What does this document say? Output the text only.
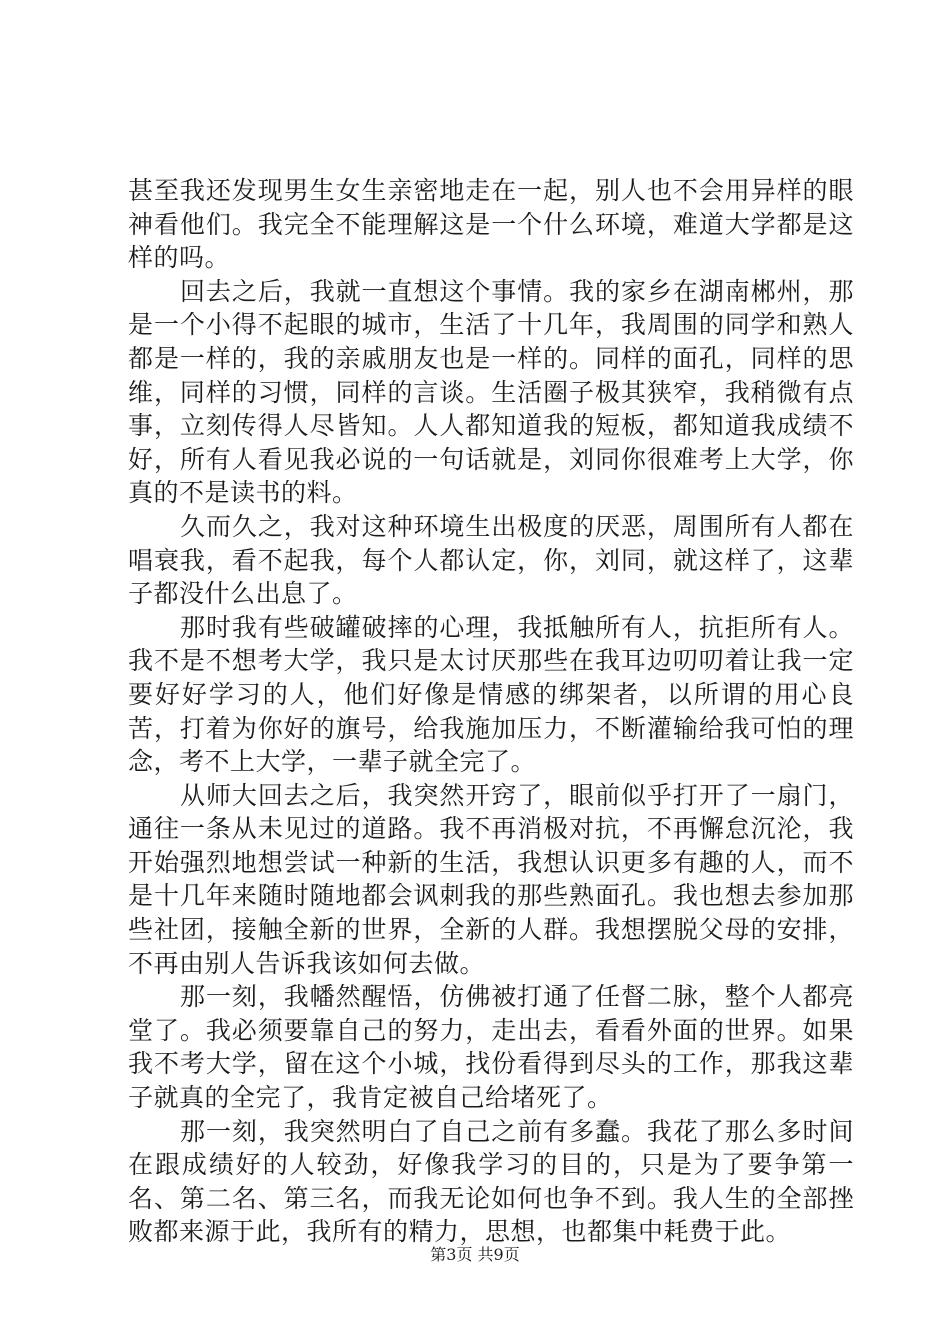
甚至我还发现男生女生亲密地走在一起，别人也不会用异样的眼神看他们。我完全不能理解这是一个什么环境，难道大学都是这样的吗。

回去之后，我就一直想这个事情。我的家乡在湖南郴州，那是一个小得不起眼的城市，生活了十几年，我周围的同学和熟人都是一样的，我的亲戚朋友也是一样的。同样的面孔，同样的思维，同样的习惯，同样的言谈。生活圈子极其狭窄，我稍微有点事，立刻传得人尽皆知。人人都知道我的短板，都知道我成绩不好，所有人看见我必说的一句话就是，刘同你很难考上大学，你真的不是读书的料。

久而久之，我对这种环境生出极度的厌恶，周围所有人都在唱衰我，看不起我，每个人都认定，你，刘同，就这样了，这辈子都没什么出息了。

那时我有些破罐破摔的心理，我抵触所有人，抗拒所有人。我不是不想考大学，我只是太讨厌那些在我耳边叨叨着让我一定要好好学习的人，他们好像是情感的绑架者，以所谓的用心良苦，打着为你好的旗号，给我施加压力，不断灌输给我可怕的理念，考不上大学，一辈子就全完了。

从师大回去之后，我突然开窍了，眼前似乎打开了一扇门，通往一条从未见过的道路。我不再消极对抗，不再懈怠沉沦，我开始强烈地想尝试一种新的生活，我想认识更多有趣的人，而不是十几年来随时随地都会讽刺我的那些熟面孔。我也想去参加那些社团，接触全新的世界，全新的人群。我想摆脱父母的安排，不再由别人告诉我该如何去做。

那一刻，我幡然醒悟，仿佛被打通了任督二脉，整个人都亮堂了。我必须要靠自己的努力，走出去，看看外面的世界。如果我不考大学，留在这个小城，找份看得到尽头的工作，那我这辈子就真的全完了，我肯定被自己给堵死了。

那一刻，我突然明白了自己之前有多蠢。我花了那么多时间在跟成绩好的人较劲，好像我学习的目的，只是为了要争第一名、第二名、第三名，而我无论如何也争不到。我人生的全部挫败都来源于此，我所有的精力，思想，也都集中耗费于此。

第3页 共9页
